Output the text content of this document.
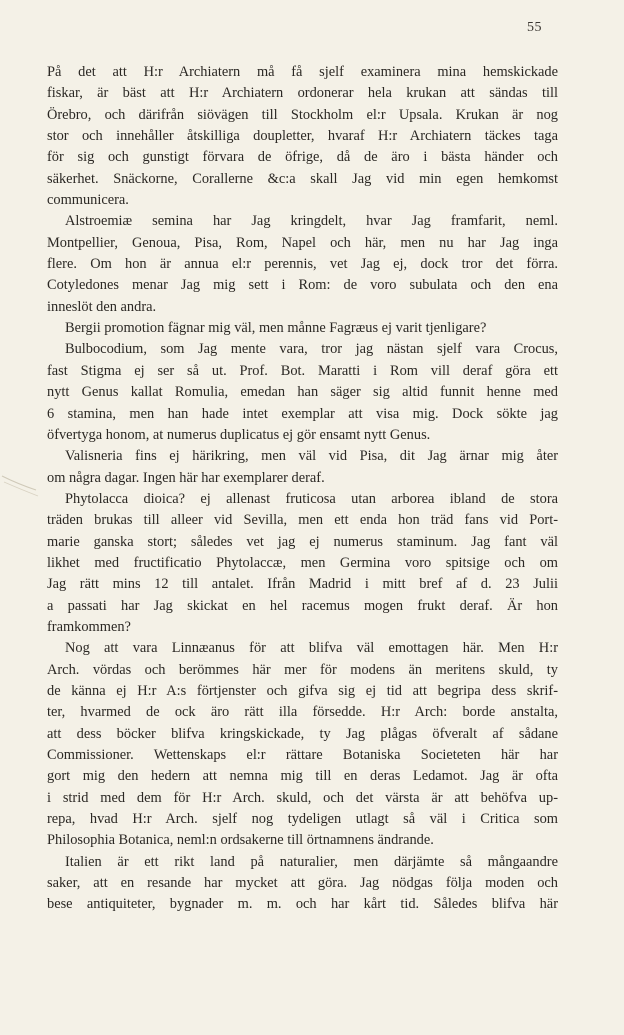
55
På det att H:r Archiatern må få sjelf examinera mina hemskickade
fiskar, är bäst att H:r Archiatern ordonerar hela krukan att sändas till
Örebro, och därifrån siövägen till Stockholm el:r Upsala. Krukan är nog
stor och innehåller åtskilliga doupletter, hvaraf H:r Archiatern täckes taga
för sig och gunstigt förvara de öfrige, då de äro i bästa händer och
säkerhet. Snäckorne, Corallerne &c:a skall Jag vid min egen hemkomst
communicera.
Alstroemiæ semina har Jag kringdelt, hvar Jag framfarit, neml.
Montpellier, Genoua, Pisa, Rom, Napel och här, men nu har Jag inga
flere. Om hon är annua el:r perennis, vet Jag ej, dock tror det förra.
Cotyledones menar Jag mig sett i Rom: de voro subulata och den ena
inneslöt den andra.
Bergii promotion fägnar mig väl, men månne Fagræus ej varit tjenligare?
Bulbocodium, som Jag mente vara, tror jag nästan sjelf vara Crocus,
fast Stigma ej ser så ut. Prof. Bot. Maratti i Rom vill deraf göra ett
nytt Genus kallat Romulia, emedan han säger sig altid funnit henne med
6 stamina, men han hade intet exemplar att visa mig. Dock sökte jag
öfvertyga honom, at numerus duplicatus ej gör ensamt nytt Genus.
Valisneria fins ej härikring, men väl vid Pisa, dit Jag ärnar mig åter
om några dagar. Ingen här har exemplarer deraf.
Phytolacca dioica? ej allenast fruticosa utan arborea ibland de stora
träden brukas till alleer vid Sevilla, men ett enda hon träd fans vid Port-
marie ganska stort; således vet jag ej numerus staminum. Jag fant väl
likhet med fructificatio Phytolaccæ, men Germina voro spitsige och om
Jag rätt mins 12 till antalet. Ifrån Madrid i mitt bref af d. 23 Julii
a passati har Jag skickat en hel racemus mogen frukt deraf. Är hon
framkommen?
Nog att vara Linnæanus för att blifva väl emottagen här. Men H:r
Arch. vördas och berömmes här mer för modens än meritens skuld, ty
de känna ej H:r A:s förtjenster och gifva sig ej tid att begripa dess skrif-
ter, hvarmed de ock äro rätt illa försedde. H:r Arch: borde anstalta,
att dess böcker blifva kringskickade, ty Jag plågas öfveralt af sådane
Commissioner. Wettenskaps el:r rättare Botaniska Societeten här har
gort mig den hedern att nemna mig till en deras Ledamot. Jag är ofta
i strid med dem för H:r Arch. skuld, och det värsta är att behöfva up-
repa, hvad H:r Arch. sjelf nog tydeligen utlagt så väl i Critica som
Philosophia Botanica, neml:n ordsakerne till örtnamnens ändrande.
Italien är ett rikt land på naturalier, men därjämte så mångaandre
saker, att en resande har mycket att göra. Jag nödgas följa moden och
bese antiquiteter, bygnader m. m. och har kårt tid. Således blifva här
